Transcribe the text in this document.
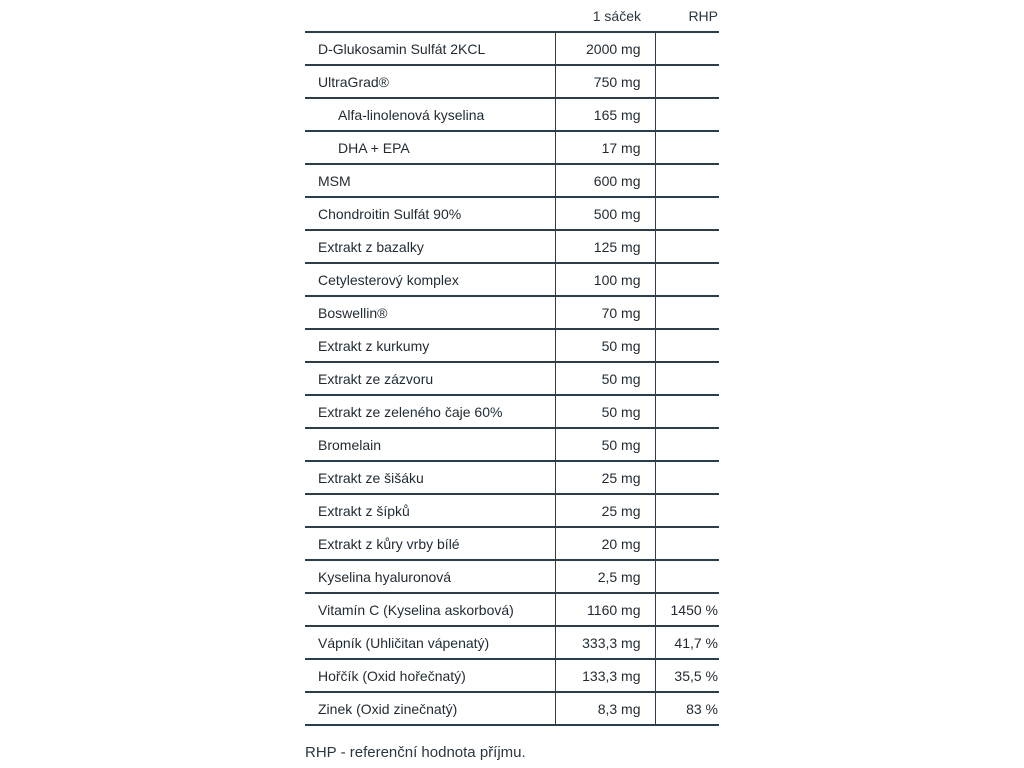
	1 sáček	RHP
D-Glukosamin Sulfát 2KCL	2000 mg	
UltraGrad®	750 mg	
Alfa-linolenová kyselina	165 mg	
DHA + EPA	17 mg	
MSM	600 mg	
Chondroitin Sulfát 90%	500 mg	
Extrakt z bazalky	125 mg	
Cetylesterový komplex	100 mg	
Boswellin®	70 mg	
Extrakt z kurkumy	50 mg	
Extrakt ze zázvoru	50 mg	
Extrakt ze zeleného čaje 60%	50 mg	
Bromelain	50 mg	
Extrakt ze šišáku	25 mg	
Extrakt z šípků	25 mg	
Extrakt z kůry vrby bílé	20 mg	
Kyselina hyaluronová	2,5 mg	
Vitamín C (Kyselina askorbová)	1160 mg	1450 %
Vápník (Uhličitan vápenatý)	333,3 mg	41,7 %
Hořčík (Oxid hořečnatý)	133,3 mg	35,5 %
Zinek (Oxid zinečnatý)	8,3 mg	83 %
RHP - referenční hodnota příjmu.
